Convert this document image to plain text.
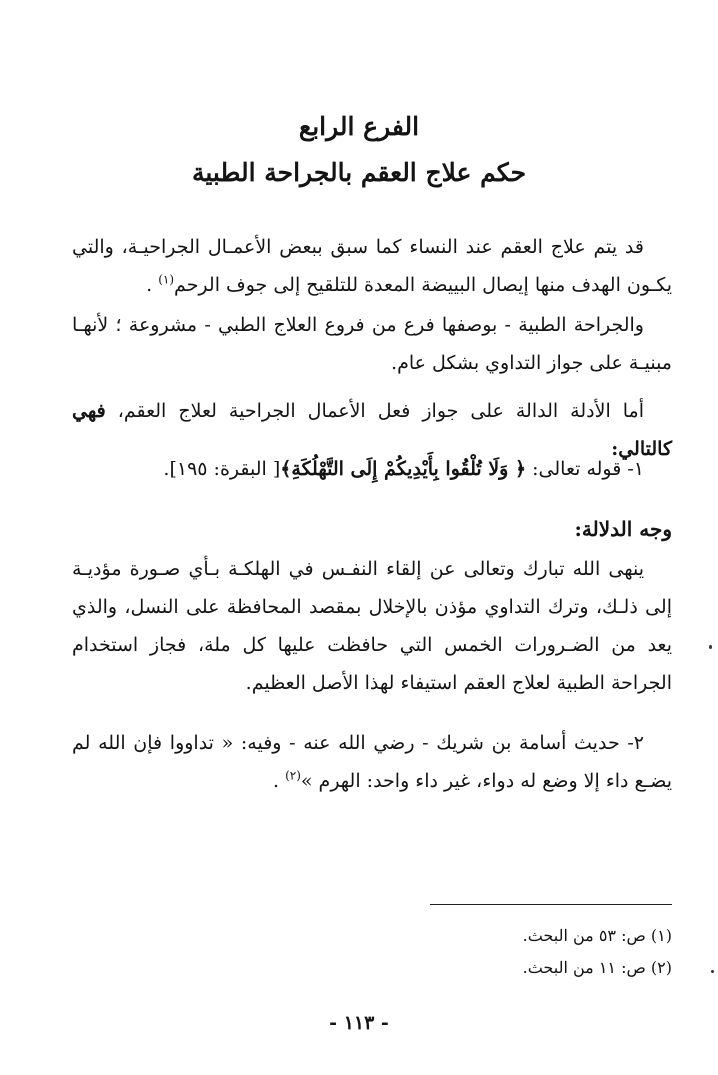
الفرع الرابع
حكم علاج العقم بالجراحة الطبية

قد يتم علاج العقم عند النساء كما سبق ببعض الأعمـال الجراحيـة، والتي يكـون الهدف منها إيصال البييضة المعدة للتلقيح إلى جوف الرحم$^{(١)}$ .

والجراحة الطبية - بوصفها فرع من فروع العلاج الطبي - مشروعة ؛ لأنهـا مبنيـة على جواز التداوي بشكل عام.

أما الأدلة الدالة على جواز فعل الأعمال الجراحية لعلاج العقم، فهي كالتالي:

١- قوله تعالى: ﴿ وَلَا تُلْقُوا بِأَيْدِيكُمْ إِلَى التَّهْلُكَةِ﴾[ البقرة: ١٩٥].

وجه الدلالة:

ينهى الله تبارك وتعالى عن إلقاء النفـس في الهلكـة بـأي صـورة مؤديـة إلى ذلـك، وترك التداوي مؤذن بالإخلال بمقصد المحافظة على النسل، والذي يعد من الضـرورات الخمس التي حافظت عليها كل ملة، فجاز استخدام الجراحة الطبية لعلاج العقم استيفاء لهذا الأصل العظيم.

٢- حديث أسامة بن شريك - رضي الله عنه - وفيه: « تداووا فإن الله لم يضـع داء إلا وضع له دواء، غير داء واحد: الهرم »$^{(٢)}$ .

(١) ص: ٥٣ من البحث.
(٢) ص: ١١ من البحث.
- ١١٣ -
